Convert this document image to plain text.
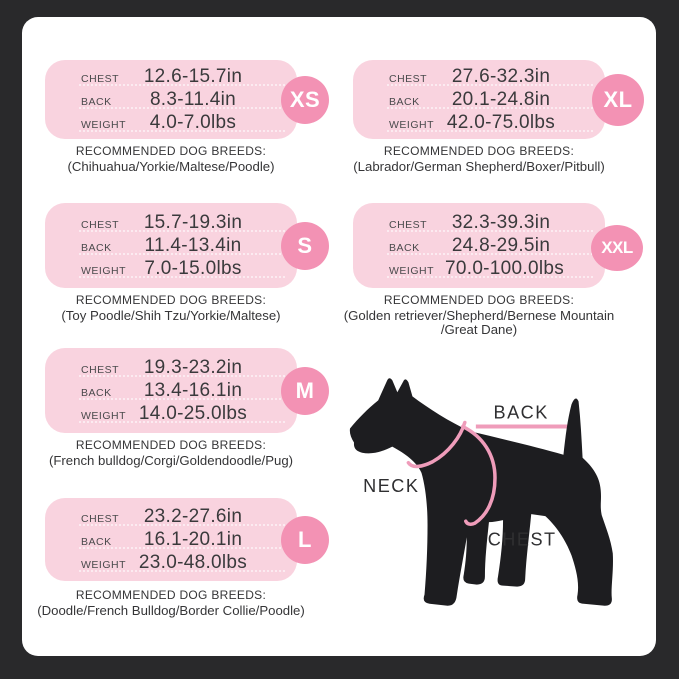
CHEST	12.6-15.7in
BACK	8.3-11.4in
WEIGHT	4.0-7.0lbs
XS
RECOMMENDED DOG BREEDS:
(Chihuahua/Yorkie/Maltese/Poodle)
CHEST	15.7-19.3in
BACK	11.4-13.4in
WEIGHT 7.0-15.0lbs
S
RECOMMENDED DOG BREEDS:
(Toy Poodle/Shih Tzu/Yorkie/Maltese)
CHEST	19.3-23.2in
BACK	13.4-16.1in
WEIGHT 14.0-25.0lbs
M
RECOMMENDED DOG BREEDS:
(French bulldog/Corgi/Goldendoodle/Pug)
CHEST	23.2-27.6in
BACK	16.1-20.1in
WEIGHT 23.0-48.0lbs
L
RECOMMENDED DOG BREEDS:
(Doodle/French Bulldog/Border Collie/Poodle)
CHEST	27.6-32.3in
BACK	20.1-24.8in
WEIGHT 42.0-75.0lbs
XL
RECOMMENDED DOG BREEDS:
(Labrador/German Shepherd/Boxer/Pitbull)
CHEST	32.3-39.3in
BACK	24.8-29.5in
WEIGHT 70.0-100.0lbs
XXL
RECOMMENDED DOG BREEDS:
(Golden retriever/Shepherd/Bernese Mountain
/Great Dane)
BACK
NECK
CHEST
